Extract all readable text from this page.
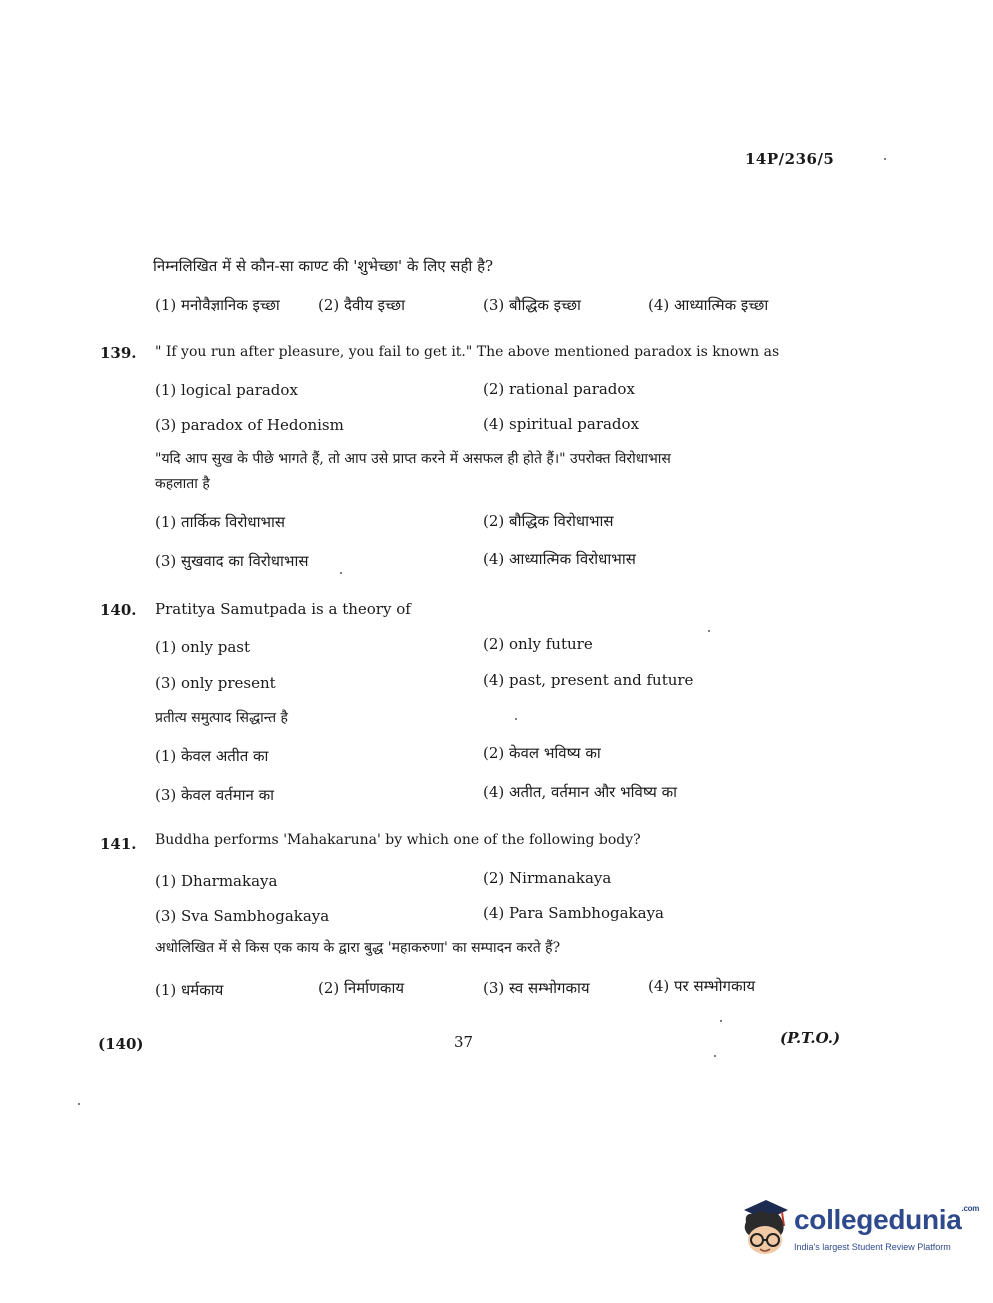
14P/236/5
निम्नलिखित में से कौन-सा काण्ट की 'शुभेच्छा' के लिए सही है?
(1) मनोवैज्ञानिक इच्छा	(2) दैवीय इच्छा	(3) बौद्धिक इच्छा	(4) आध्यात्मिक इच्छा
139. " If you run after pleasure, you fail to get it." The above mentioned paradox is known as
(1) logical paradox	(2) rational paradox
(3) paradox of Hedonism	(4) spiritual paradox
"यदि आप सुख के पीछे भागते हैं, तो आप उसे प्राप्त करने में असफल ही होते हैं।" उपरोक्त विरोधाभास
कहलाता है
(1) तार्किक विरोधाभास	(2) बौद्धिक विरोधाभास
(3) सुखवाद का विरोधाभास	(4) आध्यात्मिक विरोधाभास
140. Pratitya Samutpada is a theory of
(1) only past	(2) only future
(3) only present	(4) past, present and future
प्रतीत्य समुत्पाद सिद्धान्त है
(1) केवल अतीत का	(2) केवल भविष्य का
(3) केवल वर्तमान का	(4) अतीत, वर्तमान और भविष्य का
141. Buddha performs 'Mahakaruna' by which one of the following body?
(1) Dharmakaya	(2) Nirmanakaya
(3) Sva Sambhogakaya	(4) Para Sambhogakaya
अधोलिखित में से किस एक काय के द्वारा बुद्ध 'महाकरुणा' का सम्पादन करते हैं?
(1) धर्मकाय	(2) निर्माणकाय	(3) स्व सम्भोगकाय	(4) पर सम्भोगकाय
(140)	37	(P.T.O.)
collegedunia$^{.com}$
India's largest Student Review Platform
